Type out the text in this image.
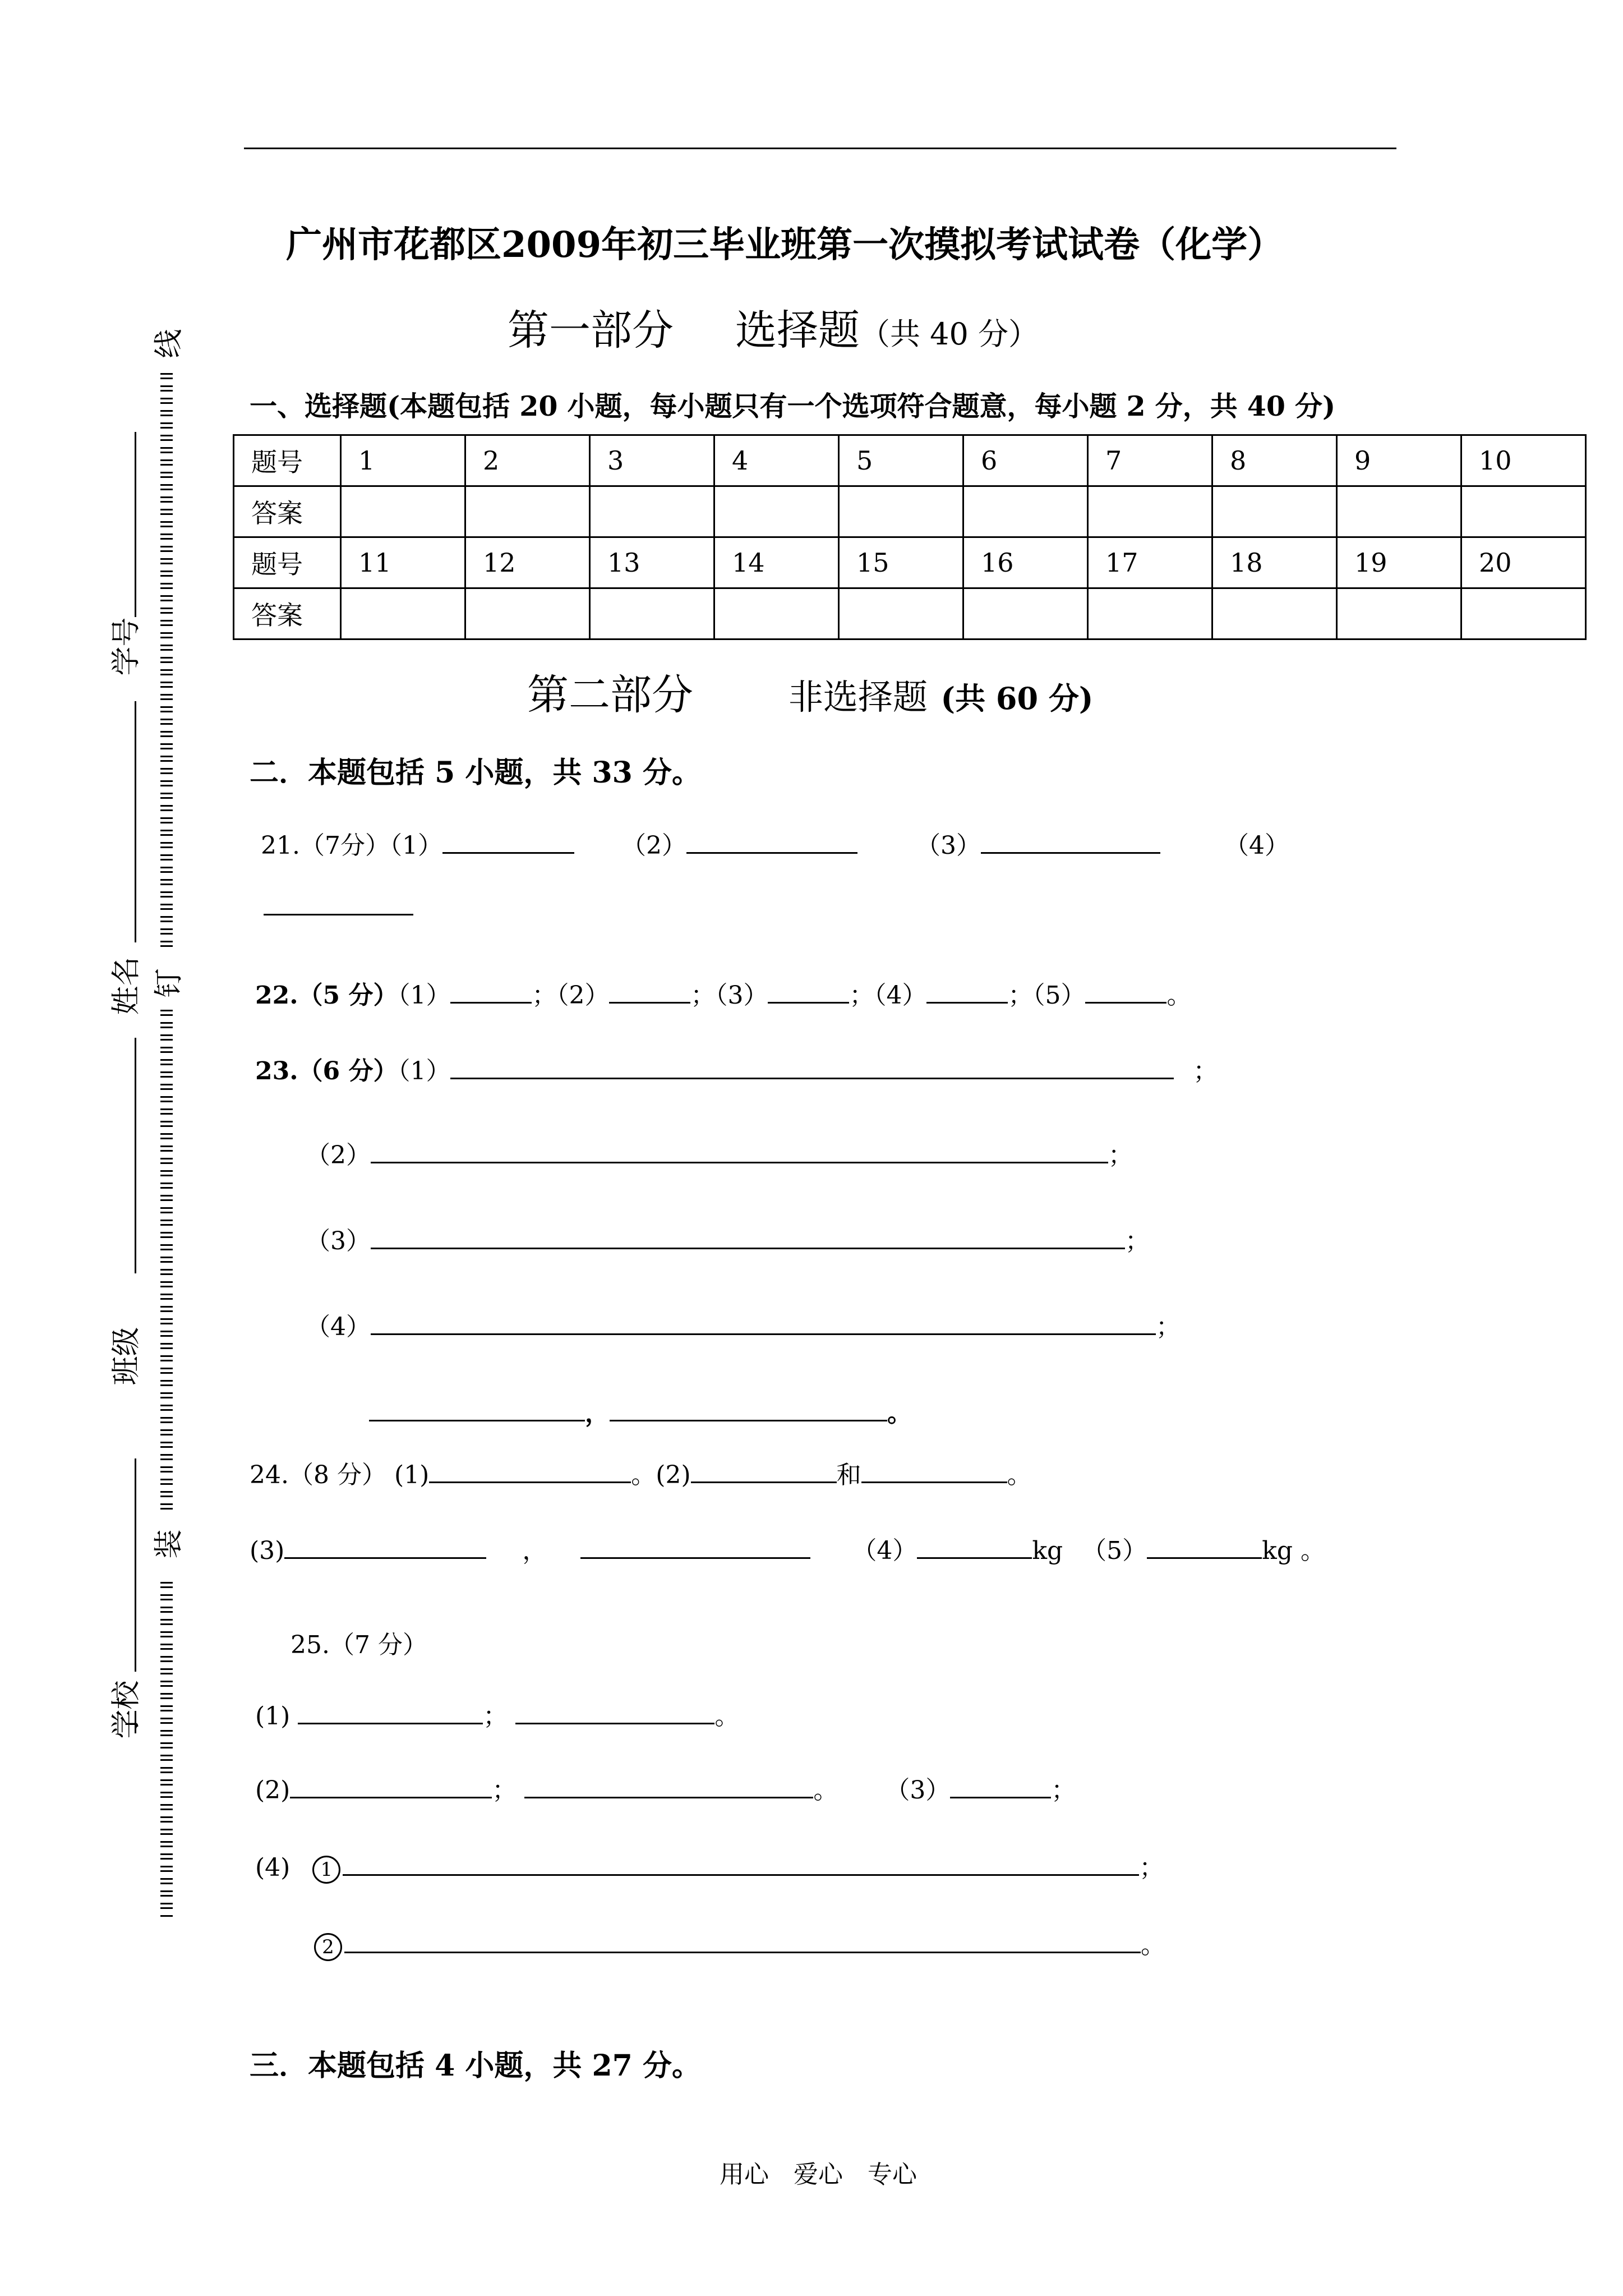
广州市花都区2009年初三毕业班第一次摸拟考试试卷（化学）
第一部分 选择题（共 40 分）
一、选择题(本题包括 20 小题，每小题只有一个选项符合题意，每小题 2 分，共 40 分)
题号	1	2	3	4	5	6	7	8	9	10
答案										
题号	11	12	13	14	15	16	17	18	19	20
答案										
第二部分	非选择题 (共 60 分)
二．本题包括 5 小题，共 33 分。
21.（7分）（1）	（2）	（3）	（4）
22.（5 分）（1）	；（2）	；（3）	；（4）	；（5）	。
23.（6 分）（1）	；
（2）	；
（3）	；
（4）	；
，	。
24.（8 分） (1)	。(2)	和	。
(3)	，	（4）	kg （5）	kg 。
25.（7 分）
(1)	；	。
(2)	；	。 （3）	；
(4) 1	；
2	。
三．本题包括 4 小题，共 27 分。
用心　爱心　专心
学号
姓名
班级
学校
线
钉
装
